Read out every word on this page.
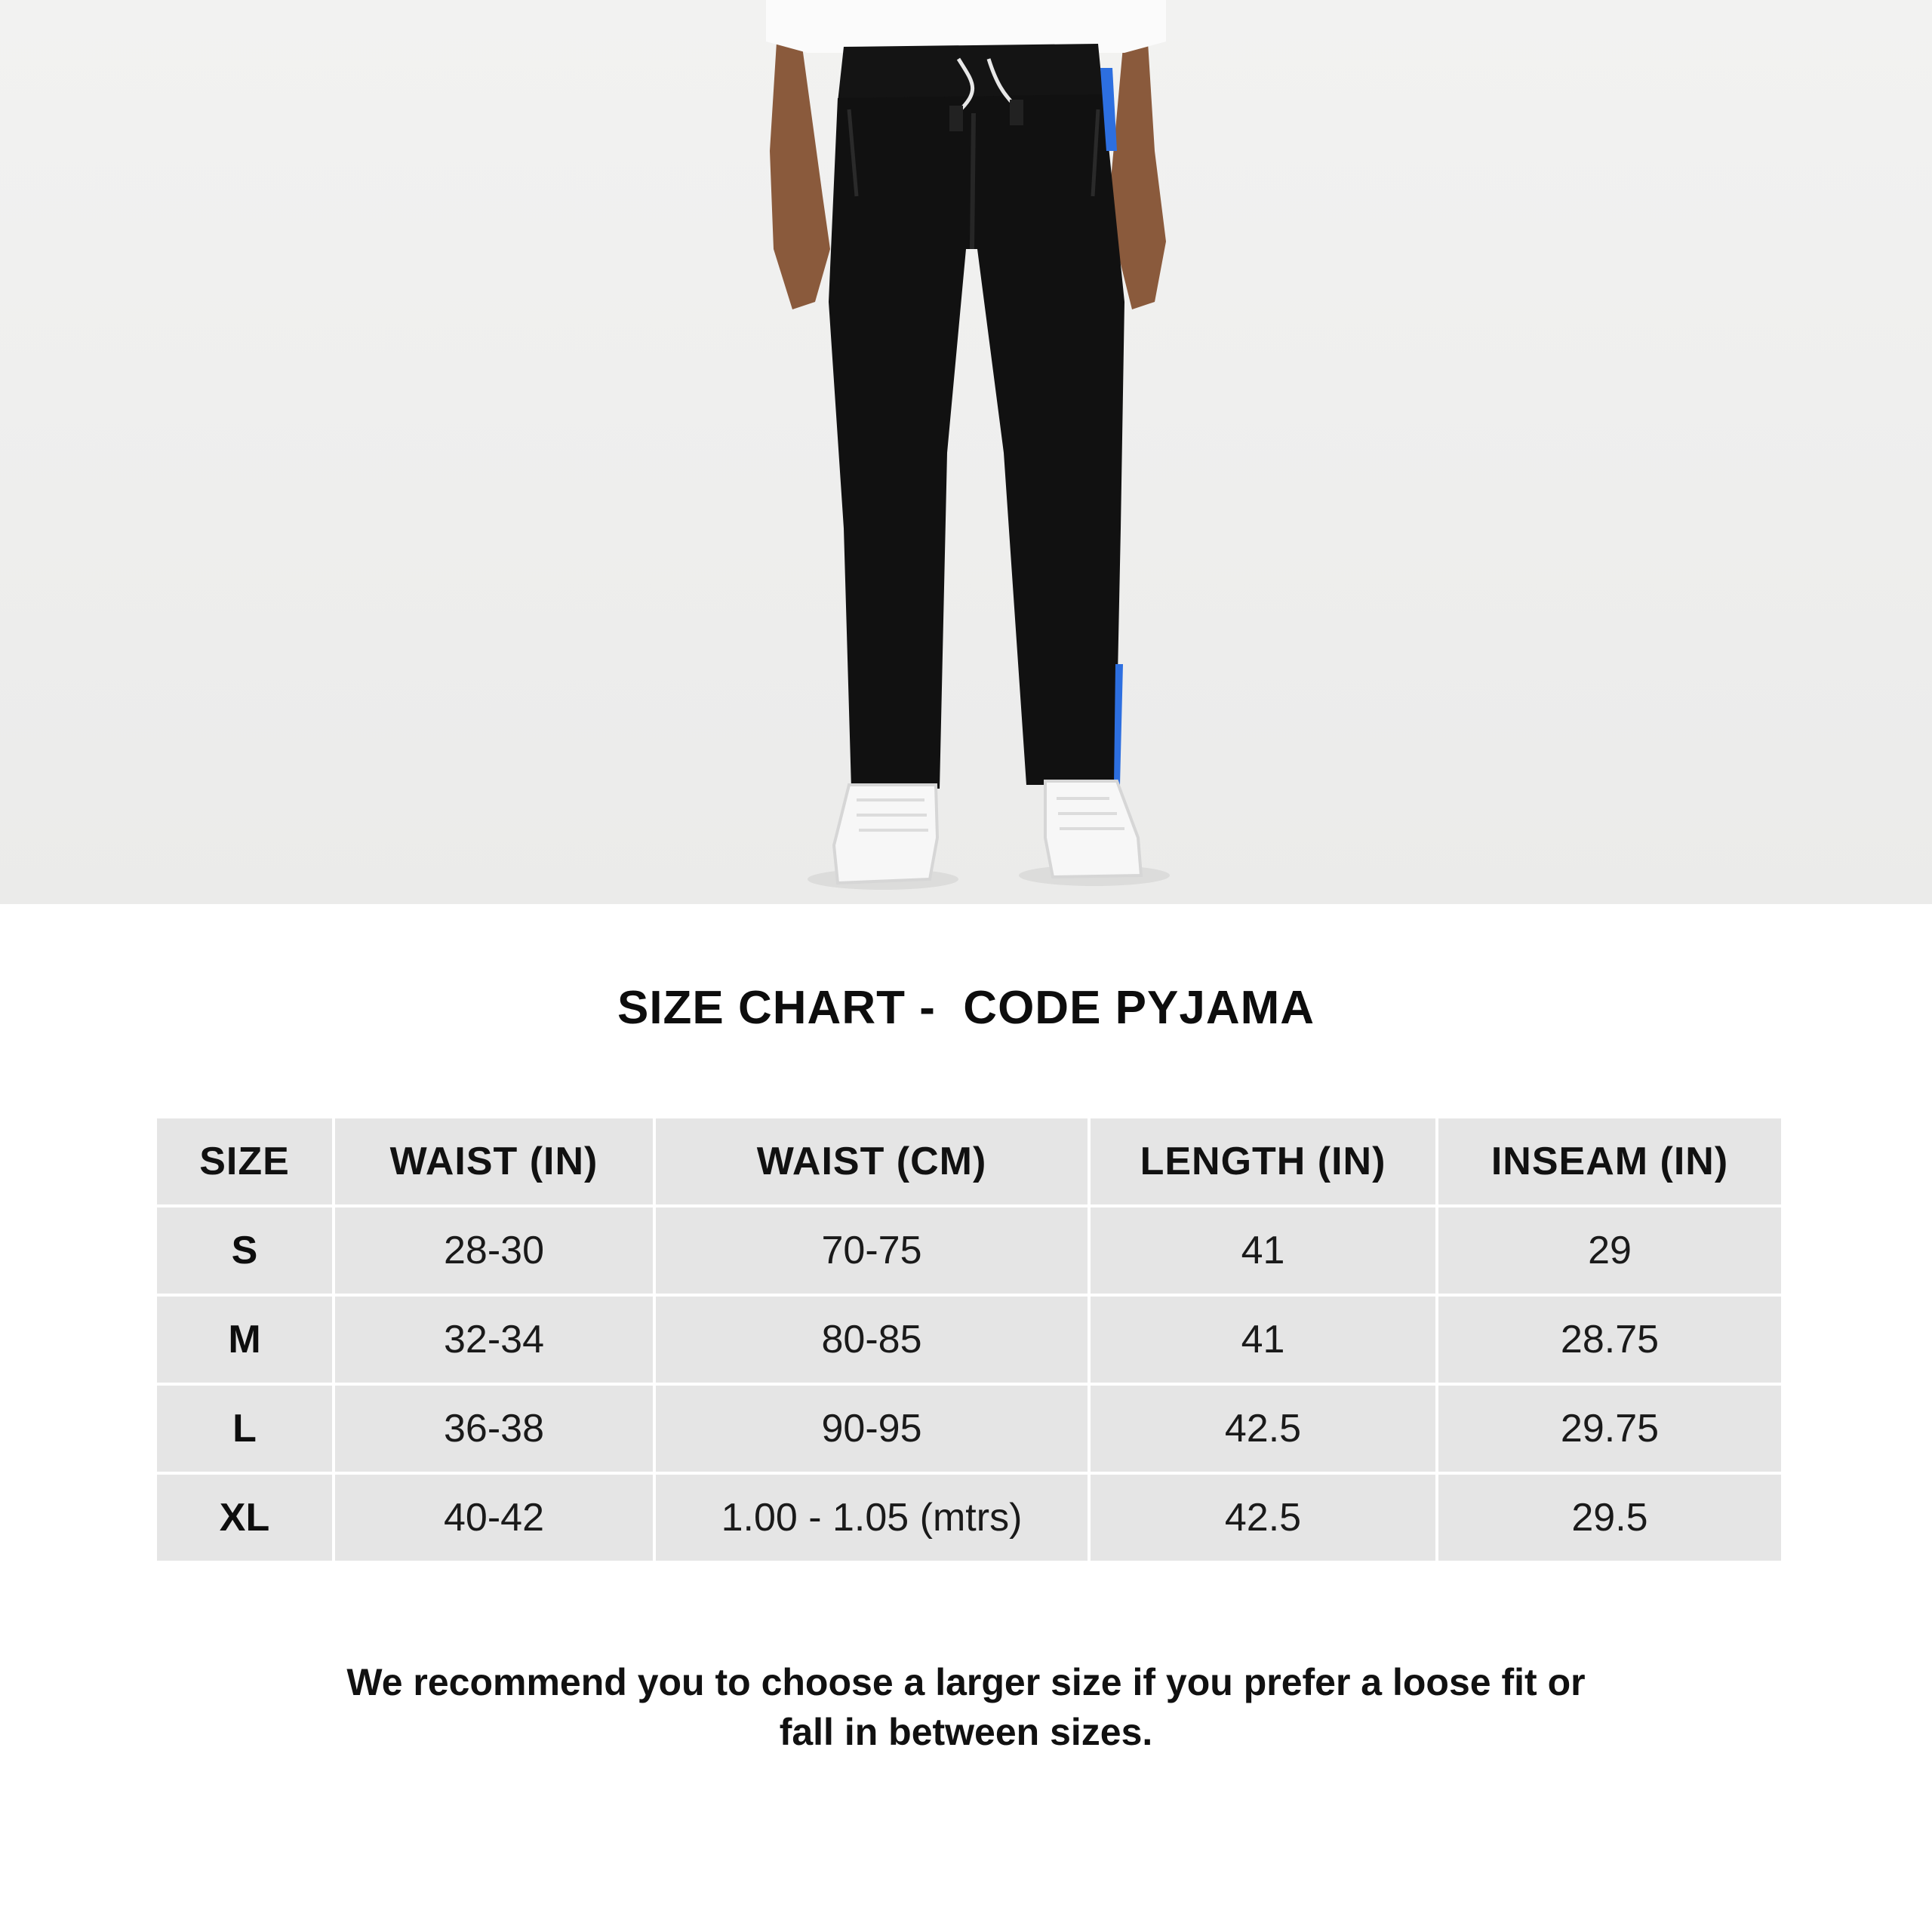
SIZE CHART -  CODE PYJAMA
SIZE	WAIST (IN)	WAIST (CM)	LENGTH (IN)	INSEAM (IN)
S	28-30	70-75	41	29
M	32-34	80-85	41	28.75
L	36-38	90-95	42.5	29.75
XL	40-42	1.00 - 1.05 (mtrs)	42.5	29.5
We recommend you to choose a larger size if you prefer a loose fit or
fall in between sizes.
